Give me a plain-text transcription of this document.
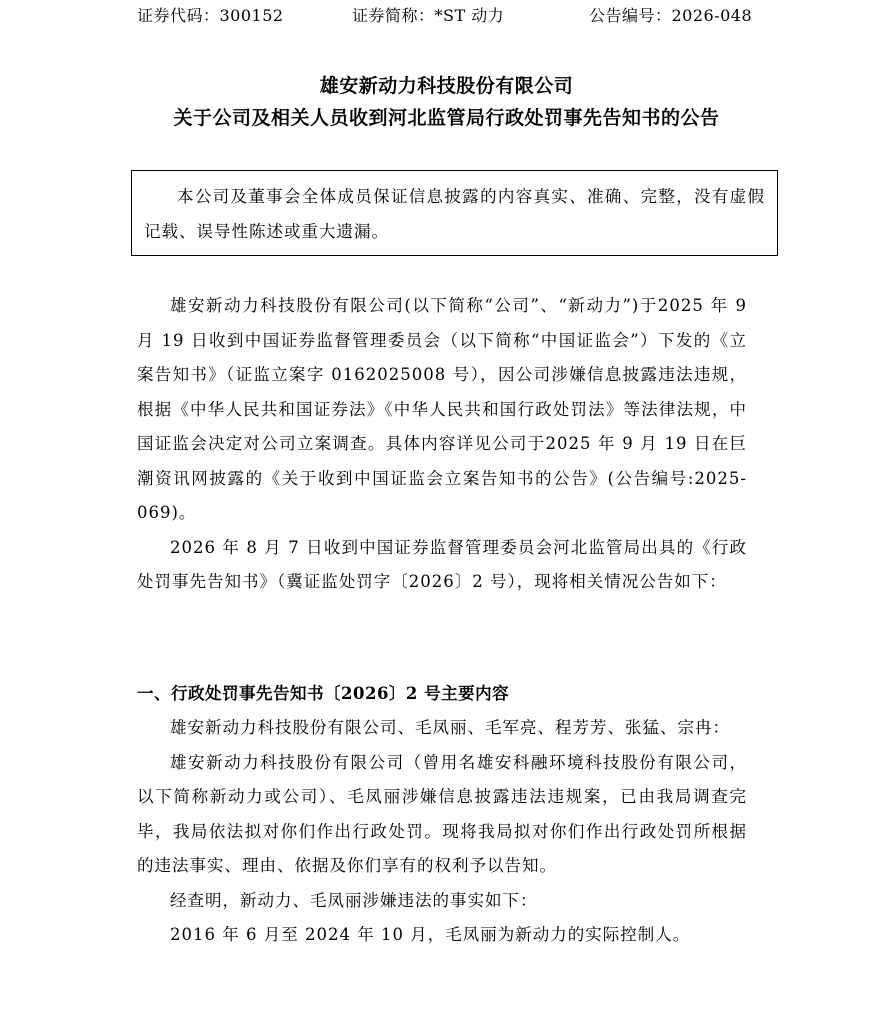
证券代码：300152	证券简称：*ST 动力	公告编号：2026-048
雄安新动力科技股份有限公司
关于公司及相关人员收到河北监管局行政处罚事先告知书的公告
本公司及董事会全体成员保证信息披露的内容真实、准确、完整，没有虚假记载、误导性陈述或重大遗漏。

雄安新动力科技股份有限公司(以下简称“公司”、“新动力”)于2025 年 9 月 19 日收到中国证券监督管理委员会（以下简称“中国证监会”）下发的《立案告知书》（证监立案字 0162025008 号），因公司涉嫌信息披露违法违规，根据《中华人民共和国证券法》《中华人民共和国行政处罚法》等法律法规，中国证监会决定对公司立案调查。具体内容详见公司于2025 年 9 月 19 日在巨潮资讯网披露的《关于收到中国证监会立案告知书的公告》(公告编号:2025-069)。

2026 年 8 月 7 日收到中国证券监督管理委员会河北监管局出具的《行政处罚事先告知书》（冀证监处罚字〔2026〕2 号），现将相关情况公告如下：

一、行政处罚事先告知书〔2026〕2 号主要内容

雄安新动力科技股份有限公司、毛凤丽、毛军亮、程芳芳、张猛、宗冉：

雄安新动力科技股份有限公司（曾用名雄安科融环境科技股份有限公司，以下简称新动力或公司）、毛凤丽涉嫌信息披露违法违规案，已由我局调查完毕，我局依法拟对你们作出行政处罚。现将我局拟对你们作出行政处罚所根据的违法事实、理由、依据及你们享有的权利予以告知。

经查明，新动力、毛凤丽涉嫌违法的事实如下：

2016 年 6 月至 2024 年 10 月，毛凤丽为新动力的实际控制人。
